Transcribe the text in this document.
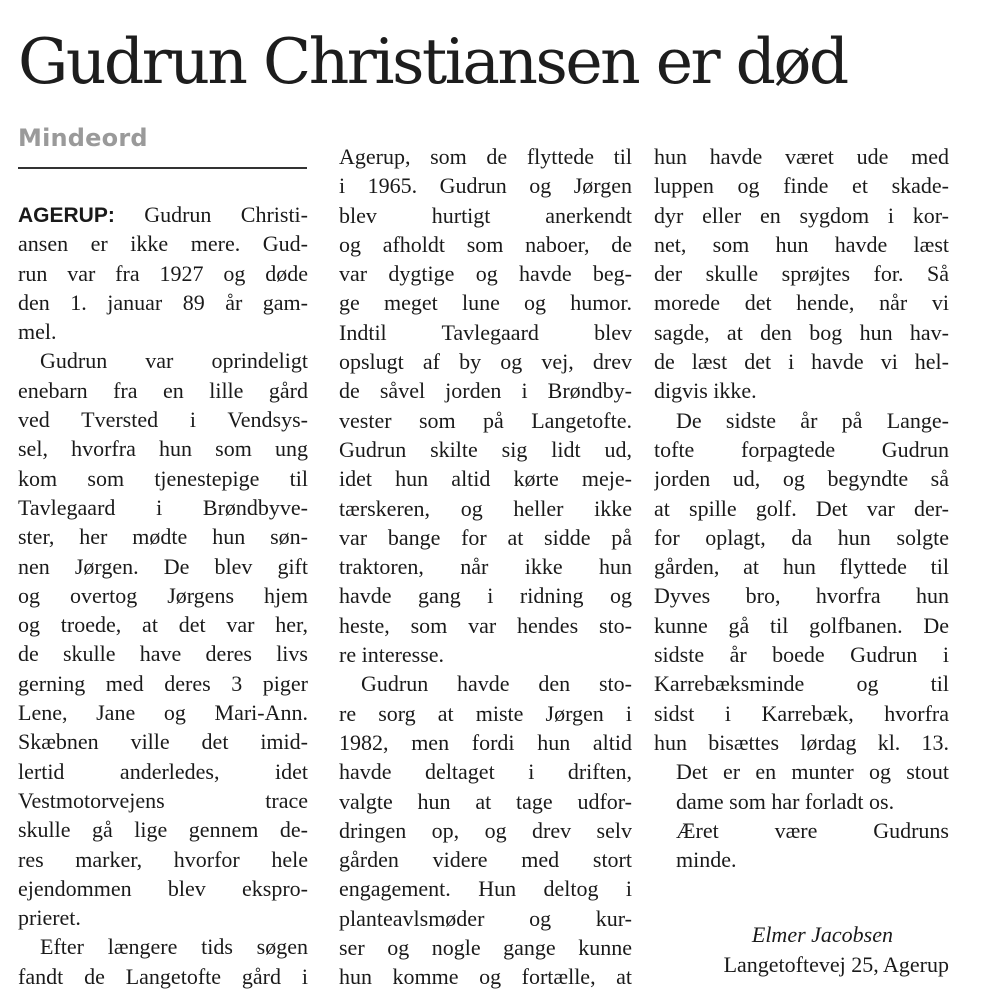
Gudrun Christiansen er død
Mindeord
AGERUP: Gudrun Christi-
ansen er ikke mere. Gud-
run var fra 1927 og døde
den 1. januar 89 år gam-
mel.
Gudrun var oprindeligt
enebarn fra en lille gård
ved Tversted i Vendsys-
sel, hvorfra hun som ung
kom som tjenestepige til
Tavlegaard i Brøndbyve-
ster, her mødte hun søn-
nen Jørgen. De blev gift
og overtog Jørgens hjem
og troede, at det var her,
de skulle have deres livs
gerning med deres 3 piger
Lene, Jane og Mari-Ann.
Skæbnen ville det imid-
lertid anderledes, idet
Vestmotorvejens trace
skulle gå lige gennem de-
res marker, hvorfor hele
ejendommen blev ekspro-
prieret.
Efter længere tids søgen
fandt de Langetofte gård i
Agerup, som de flyttede til
i 1965. Gudrun og Jørgen
blev hurtigt anerkendt
og afholdt som naboer, de
var dygtige og havde beg-
ge meget lune og humor.
Indtil Tavlegaard blev
opslugt af by og vej, drev
de såvel jorden i Brøndby-
vester som på Langetofte.
Gudrun skilte sig lidt ud,
idet hun altid kørte meje-
tærskeren, og heller ikke
var bange for at sidde på
traktoren, når ikke hun
havde gang i ridning og
heste, som var hendes sto-
re interesse.
Gudrun havde den sto-
re sorg at miste Jørgen i
1982, men fordi hun altid
havde deltaget i driften,
valgte hun at tage udfor-
dringen op, og drev selv
gården videre med stort
engagement. Hun deltog i
planteavlsmøder og kur-
ser og nogle gange kunne
hun komme og fortælle, at
hun havde været ude med
luppen og finde et skade-
dyr eller en sygdom i kor-
net, som hun havde læst
der skulle sprøjtes for. Så
morede det hende, når vi
sagde, at den bog hun hav-
de læst det i havde vi hel-
digvis ikke.
De sidste år på Lange-
tofte forpagtede Gudrun
jorden ud, og begyndte så
at spille golf. Det var der-
for oplagt, da hun solgte
gården, at hun flyttede til
Dyves bro, hvorfra hun
kunne gå til golfbanen. De
sidste år boede Gudrun i
Karrebæksminde og til
sidst i Karrebæk, hvorfra
hun bisættes lørdag kl. 13.
Det er en munter og stout
dame som har forladt os.
Æret være Gudruns
minde.
Elmer Jacobsen
Langetoftevej 25, Agerup
